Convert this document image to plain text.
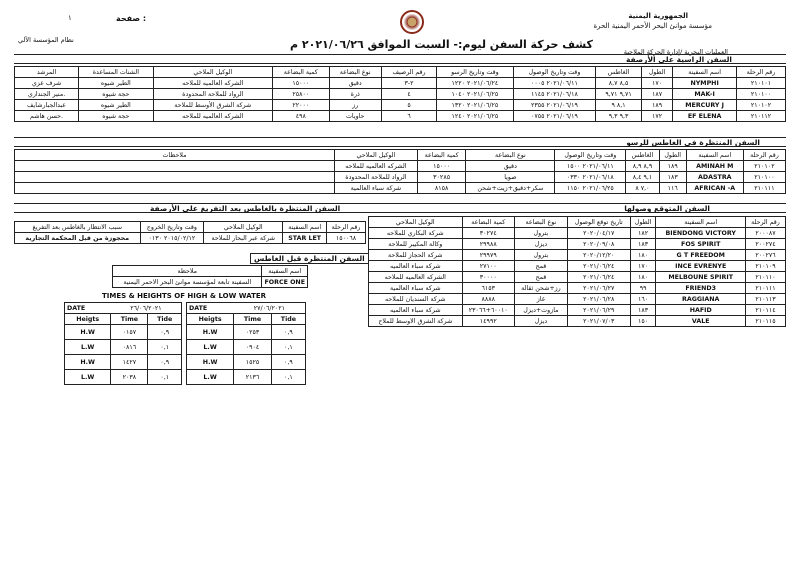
١	صفحة :	الجمهورية اليمنية
مؤسسة موانئ البحر الأحمر اليمنية الحرة
العمليات البحرية /إدارة الحركة الملاحية
نظام المؤسسة الآلي	كشف حركة السفن ليوم:- السبت الموافق ٢٠٢١/٠٦/٢٦ م
السفن الراسية على الأرصفة
رقم الرحلة	اسم السفينة	الطول	الغاطس	وقت وتاريخ الوصول	وقت وتاريخ الرسو	رقم الرصيف	نوع البضاعة	كمية البضاعة	الوكيل الملاحي	الشنات المساعدة	المرشد
٢١٠١٠١	NYMPHI	١٧٠	٨,٥ ٨,٧	٢٠٢١/٠٦/١١ ٠٠٠٥	٢٠٢١/٠٦/٢٤ ١٢٢٠	٢-٣	دقيق	١٥٠٠٠	الشركه العالميه للملاحه	الطير شيوه	شرف عزي
٢١٠١٠٠	MAK-I	١٨٧	٩,٧١ ٩,٧١	٢٠٢١/٠٦/١٨ ١١٤٥	٢٠٢١/٠٦/٢٥ ١٠٤٠	٤	ذرة	٢٥٨٠٠	الرواد للملاحة المحدودة	حجة شيوه	.منير الجنداري
٢١٠١٠٢	MERCURY J	١٨٩	٨,١ ٩	٢٠٢١/٠٦/١٩ ٢٣٥٥	٢٠٢١/٠٦/٢٥ ١٣٢٠	٥	رز	٢٢٠٠٠	شركة الشرق الأوسط للملاحة	الطير شيوه	عبدالجبارشايف
٢١٠١١٢	EF ELENA	١٧٢	٩,٣ ٩,٣	٢٠٢١/٠٦/١٩ ٠٧٥٥	٢٠٢١/٠٦/٢٥ ١٢٤٠	٦	حاويات	٤٩٨	الشركه العالميه للملاحه	حجة شيوه	.حسن هاشم
السفن المنتظرة في الغاطس للرسو
رقم الرحلة	اسم السفينة	الطول	الغاطس	وقت وتاريخ الوصول	نوع البضاعة	كمية البضاعة	الوكيل الملاحي	ملاحظات
٢١٠١٠٢	AMINAH M	١٨٩	٨,٩ ٨,٩	٢٠٢١/٠٦/١١ ١٥٠٠	دقيق	١٥٠٠٠	الشركه العالميه للملاحه	
٢١٠١٠٠	ADASTRA	١٨٣	٩,١ ٨,٤	٢٠٢١/٠٦/١٨ ٠٣٣٠	صويا	٣٠٢٨٥	الرواد للملاحة المحدودة	
٢١٠١١١	AFRICAN -A	١١٦	٧,٠ ٨	٢٠٢١/٠٦/٢٥ ١١٥٠	سكر+دقيق+زيت+شحن	٨١٥٨	شركة سباء العالمية	
السفن المتوقع وصولها
السفن المنتظرة بالغاطس بعد التفريغ على الأرصفة
رقم الرحلة	اسم السفينة	الطول	تاريخ توقع الوصول	نوع البضاعة	كمية البضاعة	الوكيل الملاحي
٢٠٠٠٨٧	BIENDONG VICTORY	١٨٢	٢٠٢٠/٠٤/١٧	بترول	٣٠٢٧٤	شركة البكاري للملاحه
٢٠٠٢٧٤	FOS SPIRIT	١٨٣	٢٠٢٠/٠٩/٠٨	ديزل	٢٩٩٨٨	وكالة المكيبر للملاحة
٢٠٠٢٧٦	G T FREEDOM	١٨٠	٢٠٢٠/١٢/٢٠	بترول	٢٩٩٧٩	شركة الحجاز للملاحة
٢١٠١٠٩	INCE EVRENYE	١٧٠	٢٠٢١/٠٦/٢٤	قمح	٢٧١٠٠	شركة سباء العالميه
٢١٠١١٠	MELBOUNE SPIRIT	١٨٠	٢٠٢١/٠٦/٢٤	قمح	٣٠٠٠٠	الشركه العالميه للملاحه
٢١٠١١١	FRIEND3	٩٩	٢٠٢١/٠٦/٢٧	رز+شحن ثقالة	٦١٥٣	شركة سباء العالمية
٢١٠١١٣	RAGGIANA	١٦٠	٢٠٢١/٠٦/٢٨	غاز	٨٨٨٨	شركة السنديان للملاحه
٢١٠١١٤	HAFID	١٨٣	٢٠٢١/٠٦/٢٩	مازوت+ديزل	٦٠٠١٠+٢٣٠٦٦	شركة سباء العالميه
٢١٠١١٥	VALE	١٥٠	٢٠٢١/٠٧/٠٣	ديزل	١٤٩٩٢	شركة الشرق الاوسط للملاح
رقم الرحلة	اسم السفينة	الوكيل الملاحي	وقت وتاريخ الخروج	سبب الانتظار بالغاطس بعد التفريغ
١٥٠٠٦٨	STAR LET	شركة عبر البحار للملاحة	٢٠١٥/٠٢/١٢ ٠١٣٠	محجوزة من قبل المحكمة التجارية
السفن المنتظرة قبل الغاطس
اسم السفينة	ملاحظة
FORCE ONE	السفينة تابعة لمؤسسة موانئ البحر الاحمر اليمنية
TIMES & HEIGHTS OF HIGH & LOW WATER
DATE	٢٦/٠٦/٢٠٢١	
Heigts	Time	Tide
H.W	٠١٥٧	٠,٩
L.W	٠٨١٦	٠,١
H.W	١٤٢٧	٠,٩
L.W	٢٠٣٨	٠,١
DATE	٢٧/٠٦/٢٠٢١	
Heigts	Time	Tide
H.W	٠٢٥٣	٠,٩
L.W	٠٩٠٤	٠,١
H.W	١٥٢٥	٠,٩
L.W	٢١٣٦	٠,١
